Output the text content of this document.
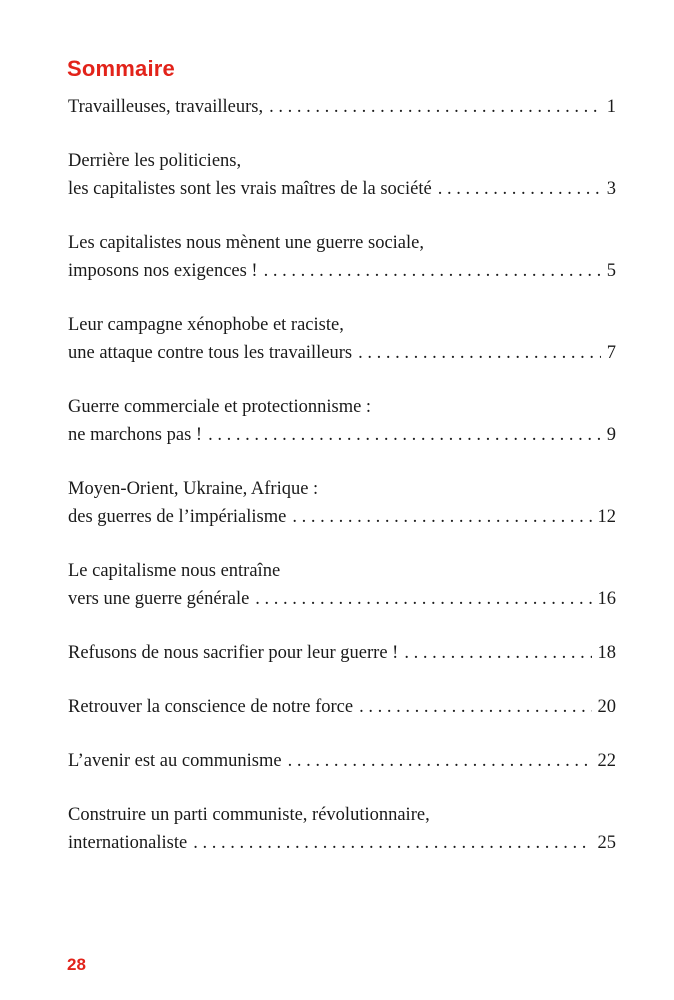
Sommaire
Travailleuses, travailleurs, . . .	1
Derrière les politiciens,
les capitalistes sont les vrais maîtres de la société . . .	3
Les capitalistes nous mènent une guerre sociale,
imposons nos exigences ! . . .	5
Leur campagne xénophobe et raciste,
une attaque contre tous les travailleurs . . .	7
Guerre commerciale et protectionnisme :
ne marchons pas ! . . .	9
Moyen-Orient, Ukraine, Afrique :
des guerres de l’impérialisme . . .	12
Le capitalisme nous entraîne
vers une guerre générale . . .	16
Refusons de nous sacrifier pour leur guerre ! . . .	18
Retrouver la conscience de notre force . . .	20
L’avenir est au communisme . . .	22
Construire un parti communiste, révolutionnaire,
internationaliste . . .	25
28
